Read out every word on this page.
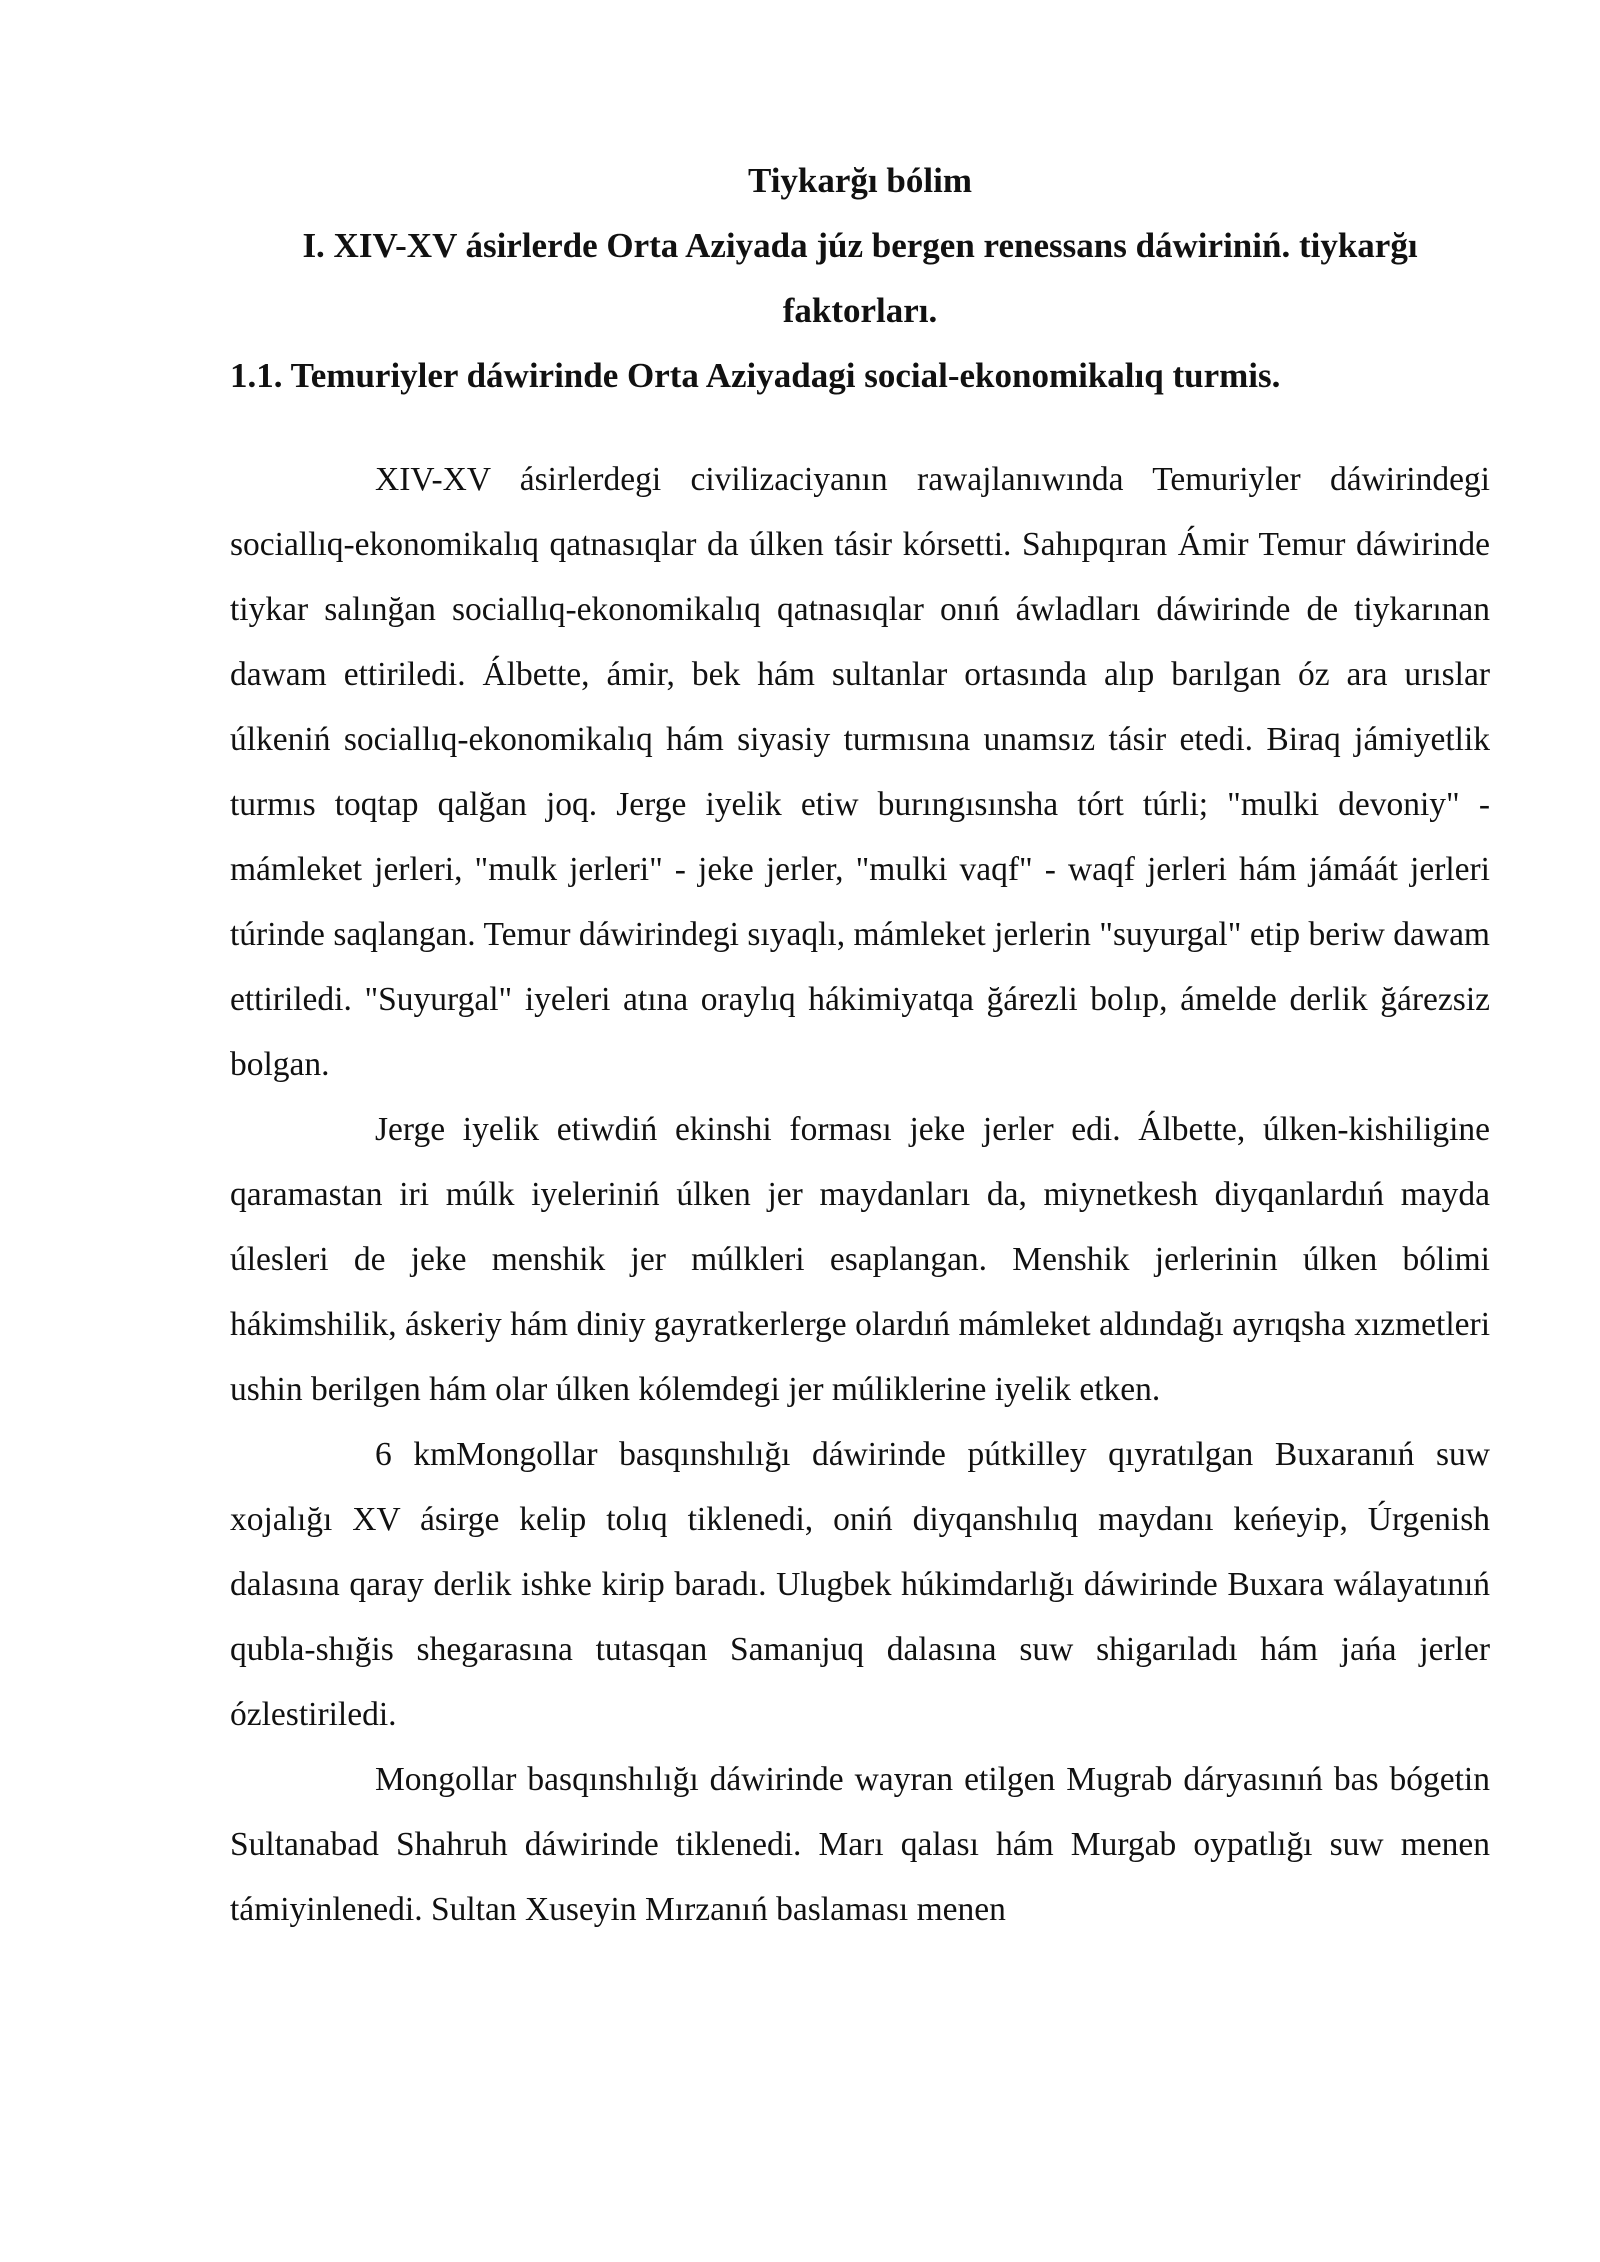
Tiykarğı bólim

I. XIV-XV ásirlerde Orta Aziyada júz bergen renessans dáwiriniń. tiykarğı faktorları.

1.1. Temuriyler dáwirinde Orta Aziyadagi social-ekonomikalıq turmis.

XIV-XV ásirlerdegi civilizaciyanın rawajlanıwında Temuriyler dáwirindegi sociallıq-ekonomikalıq qatnasıqlar da úlken tásir kórsetti. Sahıpqıran Ámir Temur dáwirinde tiykar salınğan sociallıq-ekonomikalıq qatnasıqlar onıń áwladları dáwirinde de tiykarınan dawam ettiriledi. Álbette, ámir, bek hám sultanlar ortasında alıp barılgan óz ara urıslar úlkeniń sociallıq-ekonomikalıq hám siyasiy turmısına unamsız tásir etedi. Biraq jámiyetlik turmıs toqtap qalğan joq. Jerge iyelik etiw burıngısınsha tórt túrli; "mulki devoniy" - mámleket jerleri, "mulk jerleri" - jeke jerler, "mulki vaqf" - waqf jerleri hám jámáát jerleri túrinde saqlangan. Temur dáwirindegi sıyaqlı, mámleket jerlerin "suyurgal" etip beriw dawam ettiriledi. "Suyurgal" iyeleri atına oraylıq hákimiyatqa ğárezli bolıp, ámelde derlik ğárezsiz bolgan.

Jerge iyelik etiwdiń ekinshi forması jeke jerler edi. Álbette, úlken-kishiligine qaramastan iri múlk iyeleriniń úlken jer maydanları da, miynetkesh diyqanlardıń mayda úlesleri de jeke menshik jer múlkleri esaplangan. Menshik jerlerinin úlken bólimi hákimshilik, áskeriy hám diniy gayratkerlerge olardıń mámleket aldındağı ayrıqsha xızmetleri ushin berilgen hám olar úlken kólemdegi jer múliklerine iyelik etken.

6 kmMongollar basqınshılığı dáwirinde pútkilley qıyratılgan Buxaranıń suw xojalığı XV ásirge kelip tolıq tiklenedi, oniń diyqanshılıq maydanı keńeyip, Úrgenish dalasına qaray derlik ishke kirip baradı. Ulugbek húkimdarlığı dáwirinde Buxara wálayatınıń qubla-shığis shegarasına tutasqan Samanjuq dalasına suw shigarıladı hám jańa jerler ózlestiriledi.

Mongollar basqınshılığı dáwirinde wayran etilgen Mugrab dáryasınıń bas bógetin Sultanabad Shahruh dáwirinde tiklenedi. Marı qalası hám Murgab oypatlığı suw menen támiyinlenedi. Sultan Xuseyin Mırzanıń baslaması menen
